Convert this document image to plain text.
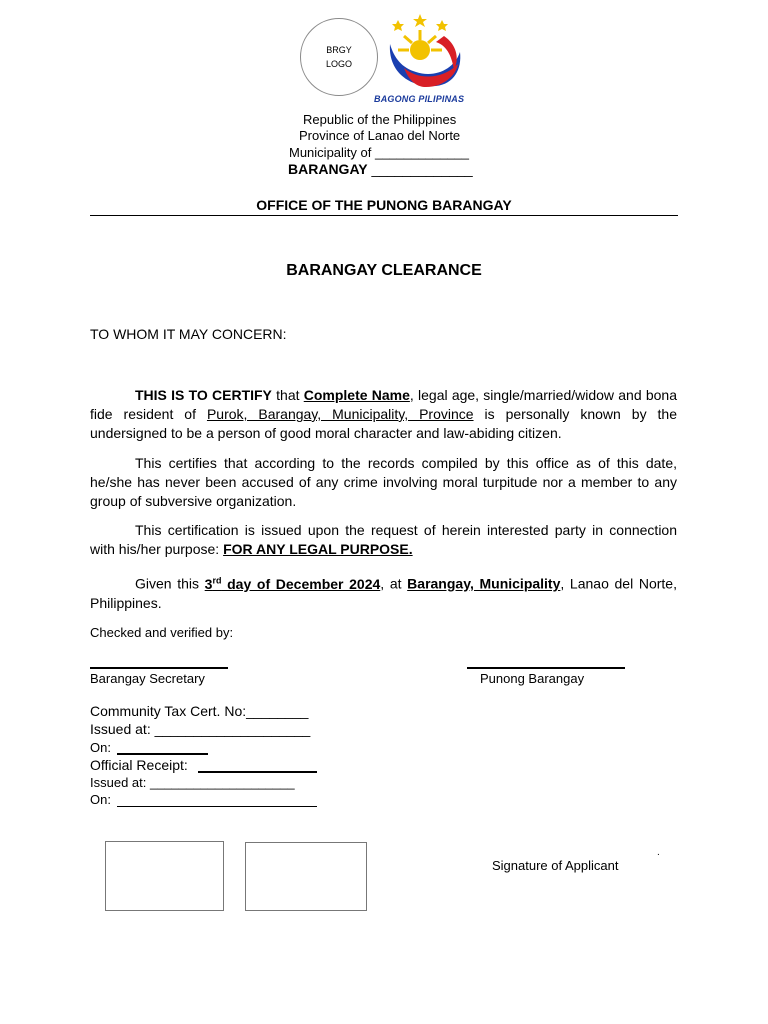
BRGY
LOGO
BAGONG PILIPINAS
Republic of the Philippines
Province of Lanao del Norte
Municipality of _____________
BARANGAY _____________
OFFICE OF THE PUNONG BARANGAY
BARANGAY CLEARANCE
TO WHOM IT MAY CONCERN:
THIS IS TO CERTIFY that Complete Name, legal age, single/married/widow and bona fide resident of Purok, Barangay, Municipality, Province is personally known by the undersigned to be a person of good moral character and law-abiding citizen.
This certifies that according to the records compiled by this office as of this date, he/she has never been accused of any crime involving moral turpitude nor a member to any group of subversive organization.
This certification is issued upon the request of herein interested party in connection with his/her purpose: FOR ANY LEGAL PURPOSE.
Given this 3rd day of December 2024, at Barangay, Municipality, Lanao del Norte, Philippines.
Checked and verified by:
Barangay Secretary	Punong Barangay
Community Tax Cert. No:________
Issued at: ____________________
On:
Official Receipt:
Issued at: ____________________
On:
Signature of Applicant
.
